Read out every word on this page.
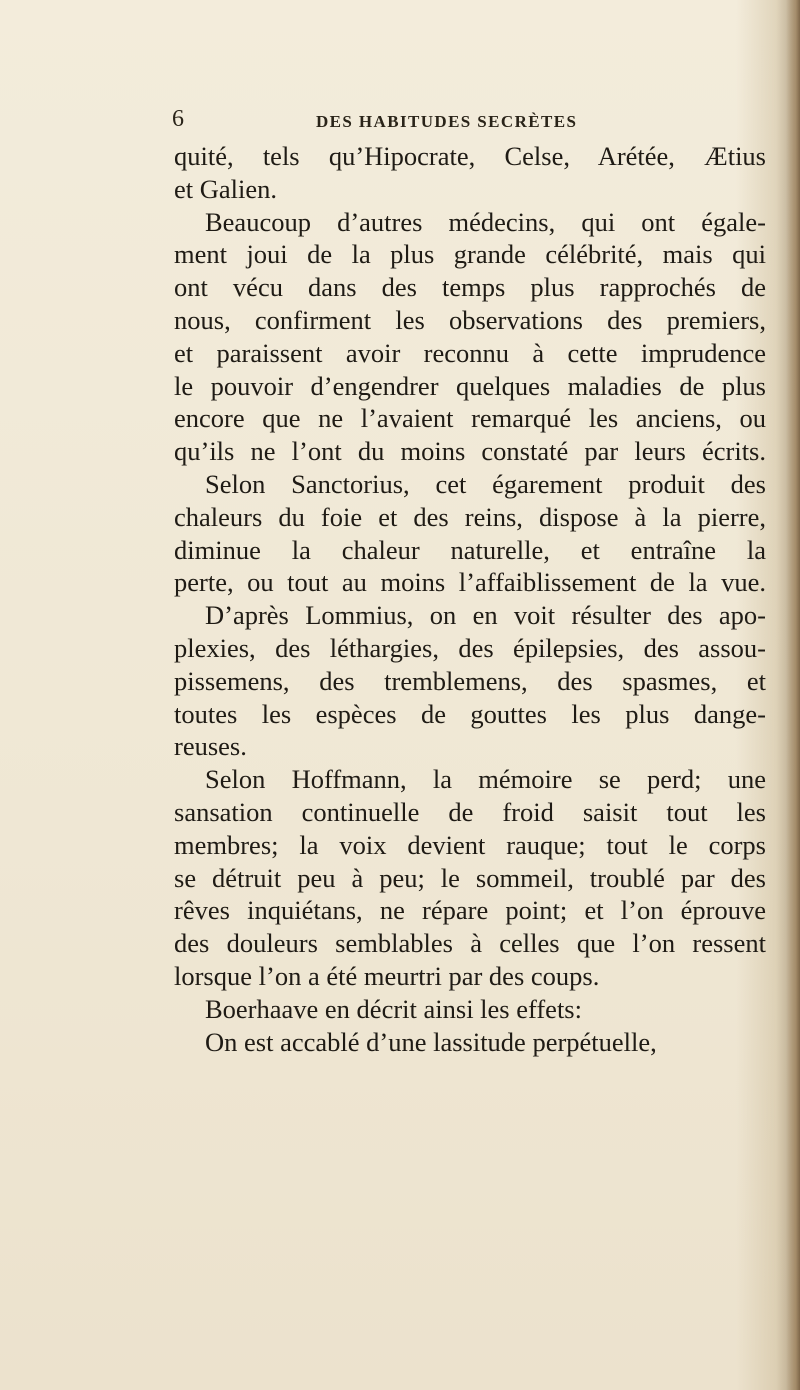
6	DES HABITUDES SECRÈTES
quité, tels qu’Hipocrate, Celse, Arétée, Ætius
et Galien.
Beaucoup d’autres médecins, qui ont égale-
ment joui de la plus grande célébrité, mais qui
ont vécu dans des temps plus rapprochés de
nous, confirment les observations des premiers,
et paraissent avoir reconnu à cette imprudence
le pouvoir d’engendrer quelques maladies de plus
encore que ne l’avaient remarqué les anciens, ou
qu’ils ne l’ont du moins constaté par leurs écrits.
Selon Sanctorius, cet égarement produit des
chaleurs du foie et des reins, dispose à la pierre,
diminue la chaleur naturelle, et entraîne la
perte, ou tout au moins l’affaiblissement de la vue.
D’après Lommius, on en voit résulter des apo-
plexies, des léthargies, des épilepsies, des assou-
pissemens, des tremblemens, des spasmes, et
toutes les espèces de gouttes les plus dange-
reuses.
Selon Hoffmann, la mémoire se perd; une
sansation continuelle de froid saisit tout les
membres; la voix devient rauque; tout le corps
se détruit peu à peu; le sommeil, troublé par des
rêves inquiétans, ne répare point; et l’on éprouve
des douleurs semblables à celles que l’on ressent
lorsque l’on a été meurtri par des coups.
Boerhaave en décrit ainsi les effets:
On est accablé d’une lassitude perpétuelle,
